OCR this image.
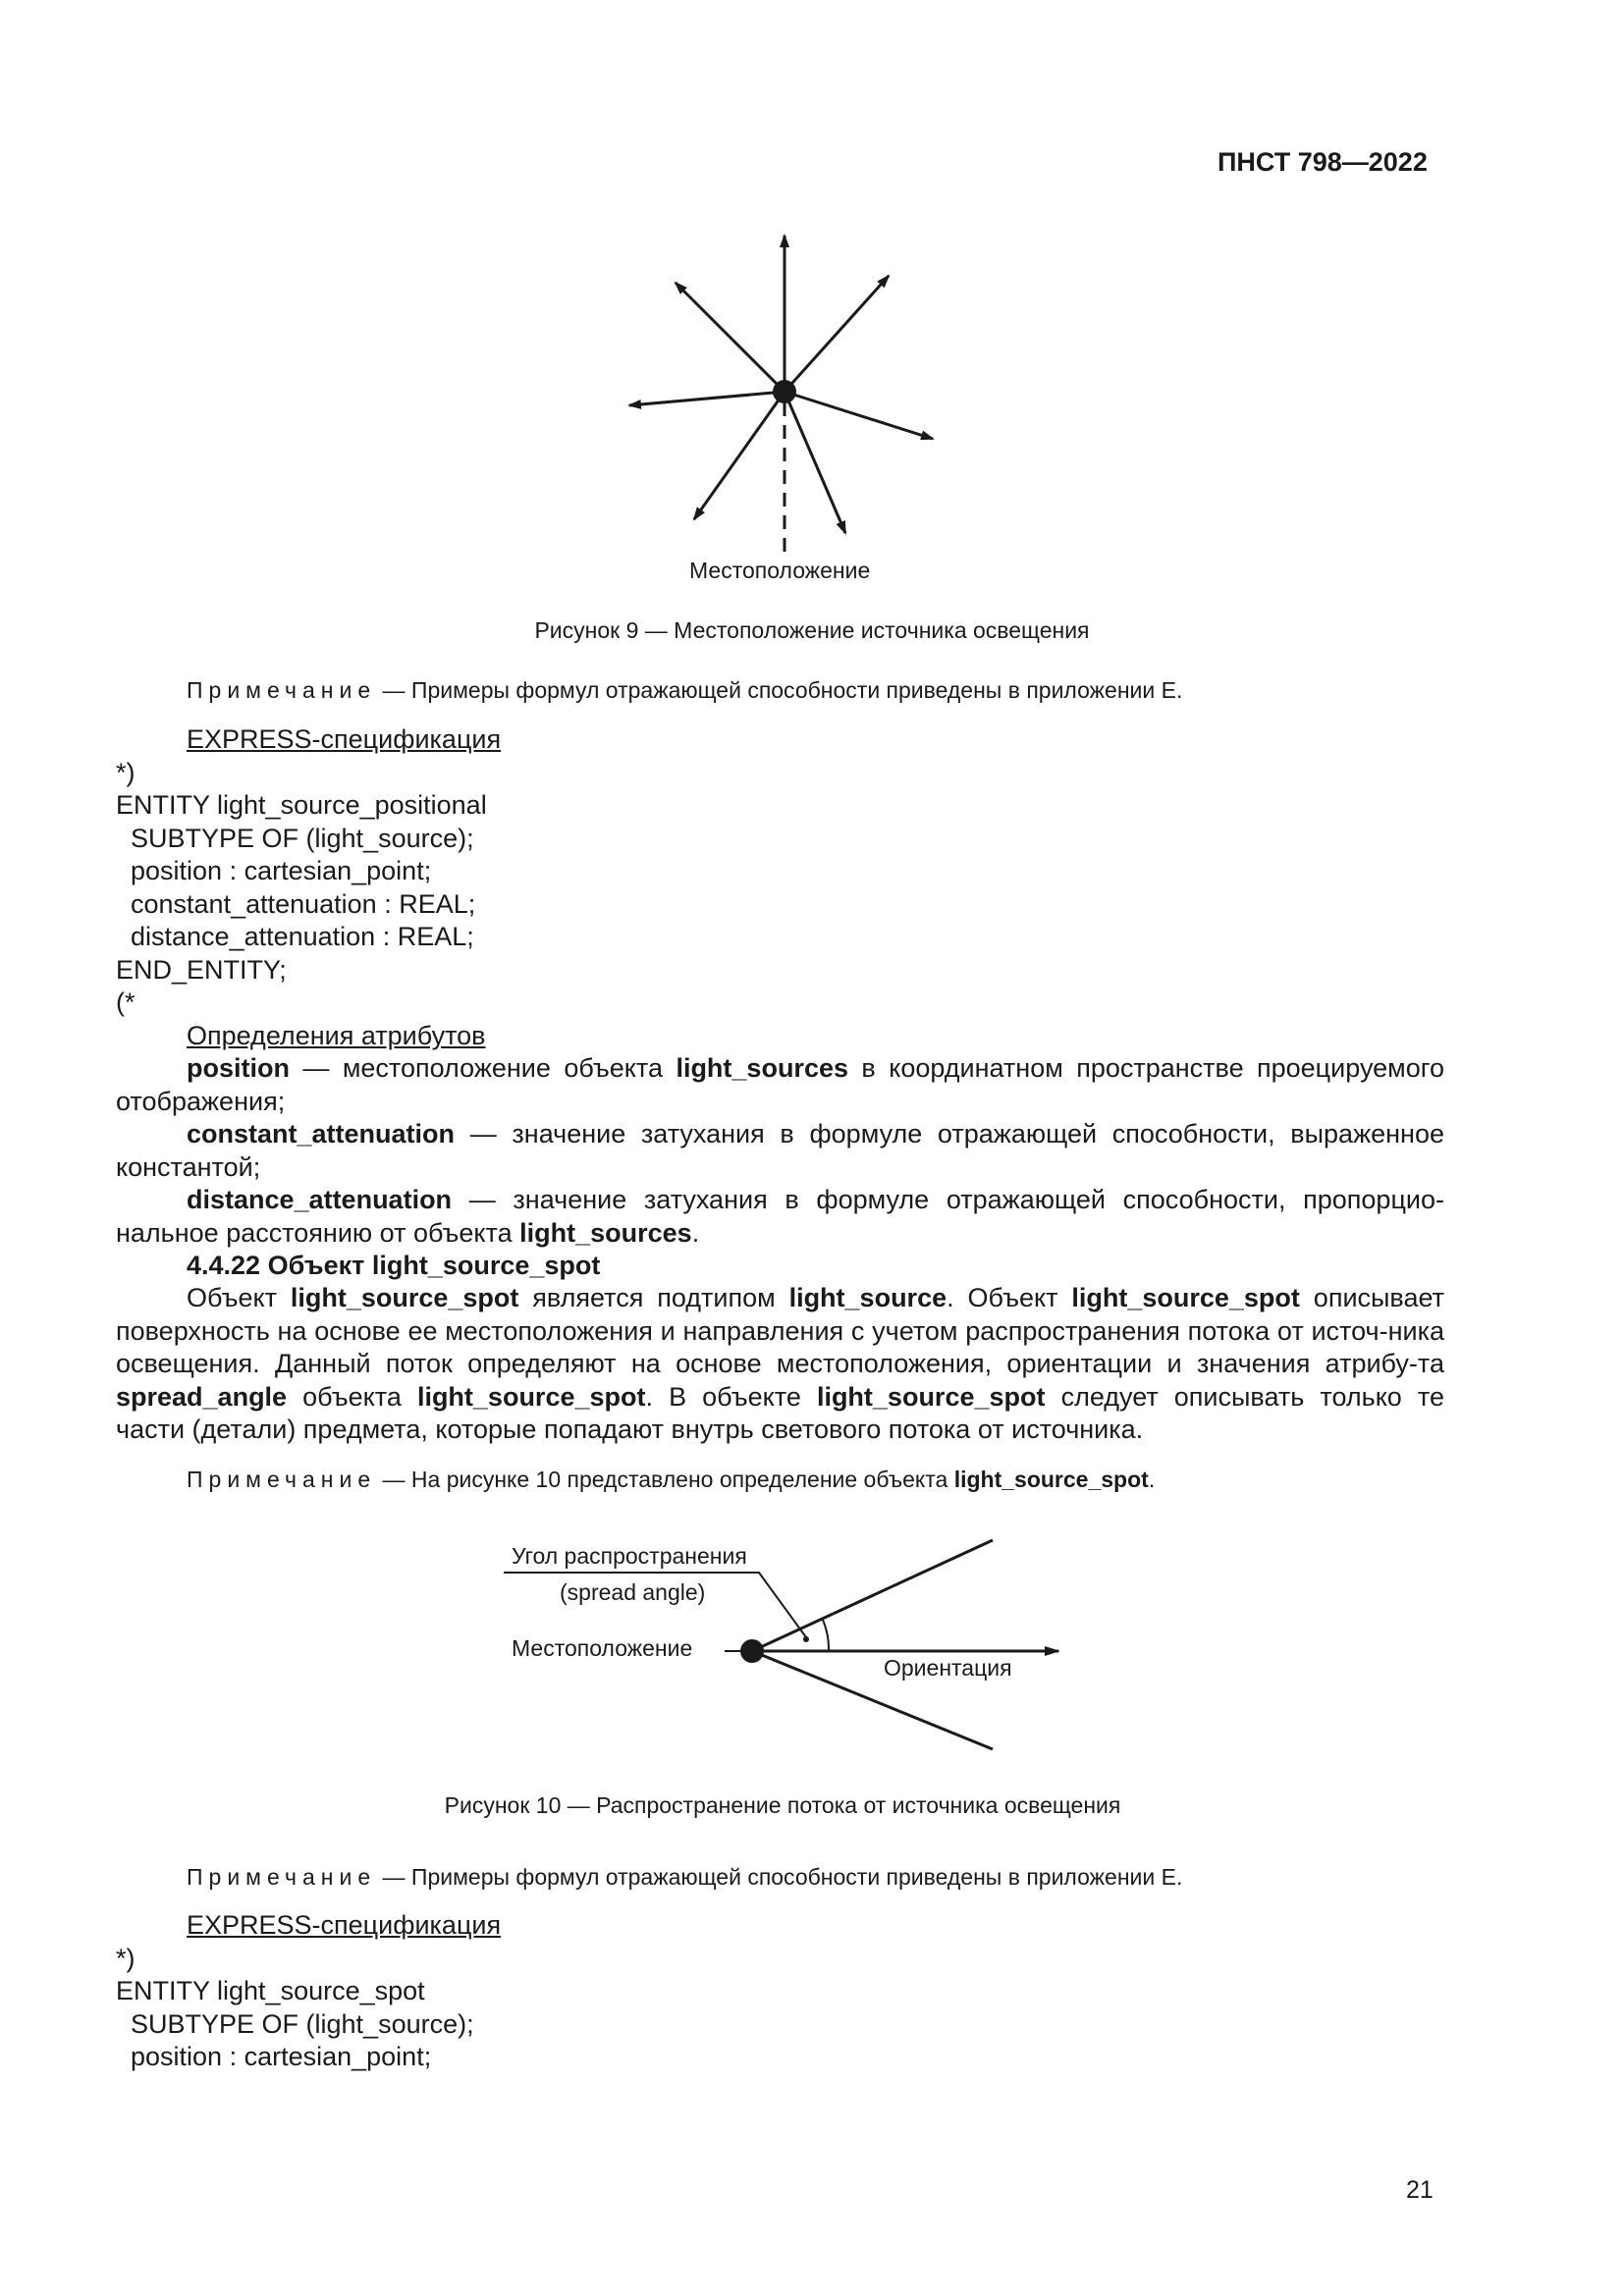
ПНСТ 798—2022
Местоположение
Рисунок 9 — Местоположение источника освещения
Примечание — Примеры формул отражающей способности приведены в приложении Е.
EXPRESS-спецификация
*)
ENTITY light_source_positional
SUBTYPE OF (light_source);
position : cartesian_point;
constant_attenuation : REAL;
distance_attenuation : REAL;
END_ENTITY;
(*
Определения атрибутов
position — местоположение объекта light_sources в координатном пространстве проецируемого отображения;
constant_attenuation — значение затухания в формуле отражающей способности, выраженное константой;
distance_attenuation — значение затухания в формуле отражающей способности, пропорцио-нальное расстоянию от объекта light_sources.
4.4.22 Объект light_source_spot
Объект light_source_spot является подтипом light_source. Объект light_source_spot описывает поверхность на основе ее местоположения и направления с учетом распространения потока от источ-ника освещения. Данный поток определяют на основе местоположения, ориентации и значения атрибу-та spread_angle объекта light_source_spot. В объекте light_source_spot следует описывать только те части (детали) предмета, которые попадают внутрь светового потока от источника.
Примечание — На рисунке 10 представлено определение объекта light_source_spot.
Угол распространения
(spread angle)
Местоположение
Ориентация
Рисунок 10 — Распространение потока от источника освещения
Примечание — Примеры формул отражающей способности приведены в приложении Е.
EXPRESS-спецификация
*)
ENTITY light_source_spot
SUBTYPE OF (light_source);
position : cartesian_point;
21
